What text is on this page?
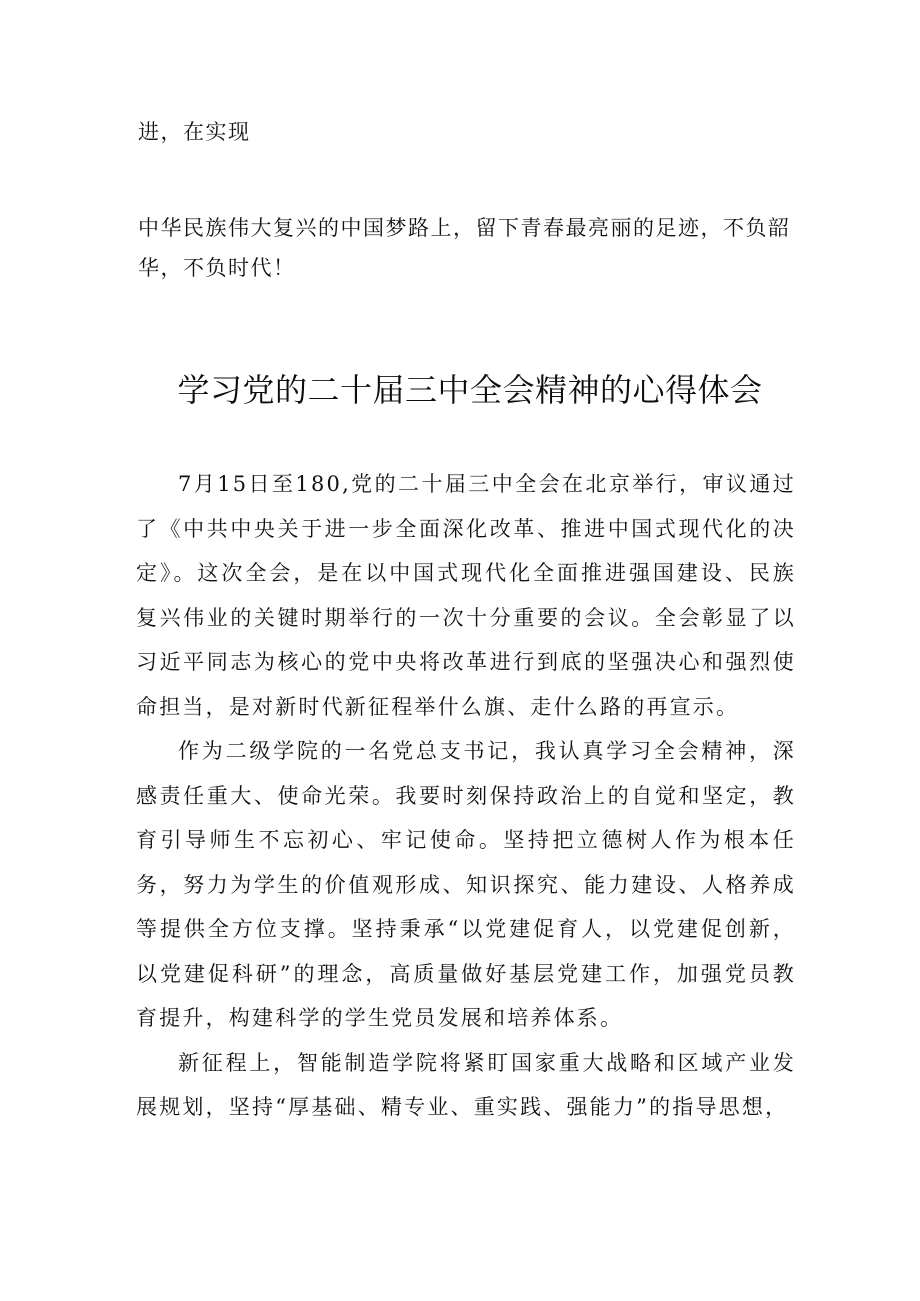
进，在实现
中华民族伟大复兴的中国梦路上，留下青春最亮丽的足迹，不负韶华，不负时代！
学习党的二十届三中全会精神的心得体会

7月15日至180,党的二十届三中全会在北京举行，审议通过了《中共中央关于进一步全面深化改革、推进中国式现代化的决定》。这次全会，是在以中国式现代化全面推进强国建设、民族复兴伟业的关键时期举行的一次十分重要的会议。全会彰显了以习近平同志为核心的党中央将改革进行到底的坚强决心和强烈使命担当，是对新时代新征程举什么旗、走什么路的再宣示。

作为二级学院的一名党总支书记，我认真学习全会精神，深感责任重大、使命光荣。我要时刻保持政治上的自觉和坚定，教育引导师生不忘初心、牢记使命。坚持把立德树人作为根本任务，努力为学生的价值观形成、知识探究、能力建设、人格养成等提供全方位支撑。坚持秉承“以党建促育人，以党建促创新，以党建促科研”的理念，高质量做好基层党建工作，加强党员教育提升，构建科学的学生党员发展和培养体系。

新征程上，智能制造学院将紧盯国家重大战略和区域产业发展规划，坚持“厚基础、精专业、重实践、强能力”的指导思想，
